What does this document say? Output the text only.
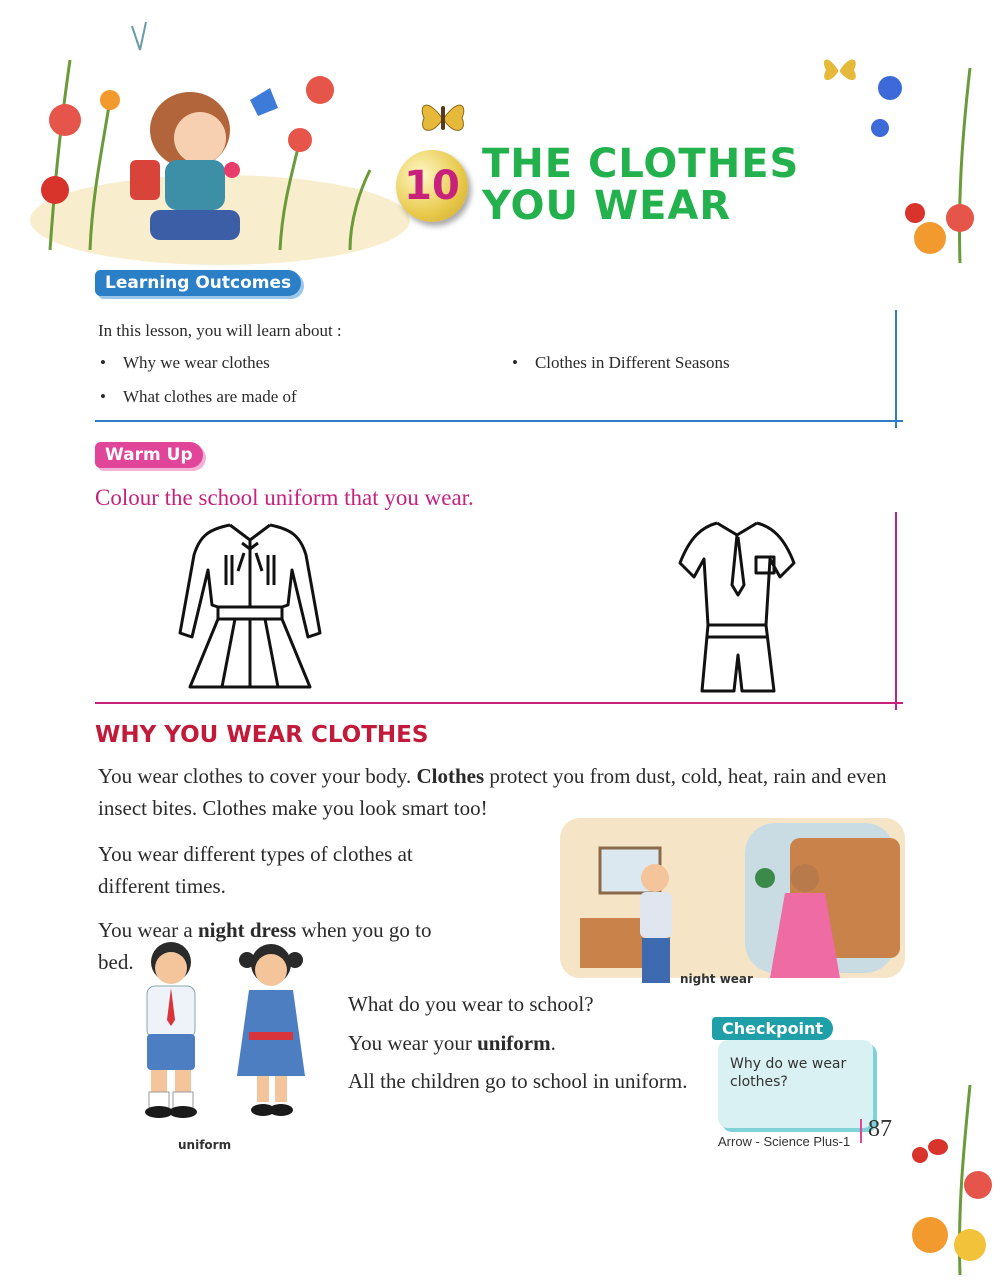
10 THE CLOTHES
YOU WEAR
Learning Outcomes
In this lesson, you will learn about :
•    Why we wear clothes	•    Clothes in Different Seasons
•    What clothes are made of
Warm Up
Colour the school uniform that you wear.
WHY YOU WEAR CLOTHES
You wear clothes to cover your body. Clothes protect you from dust, cold, heat, rain and even insect bites. Clothes make you look smart too!
You wear different types of clothes at different times.
You wear a night dress when you go to bed.
night wear
uniform
What do you wear to school?
You wear your uniform.
All the children go to school in uniform.
Checkpoint
Why do we wear clothes?
Arrow - Science Plus-1 87
